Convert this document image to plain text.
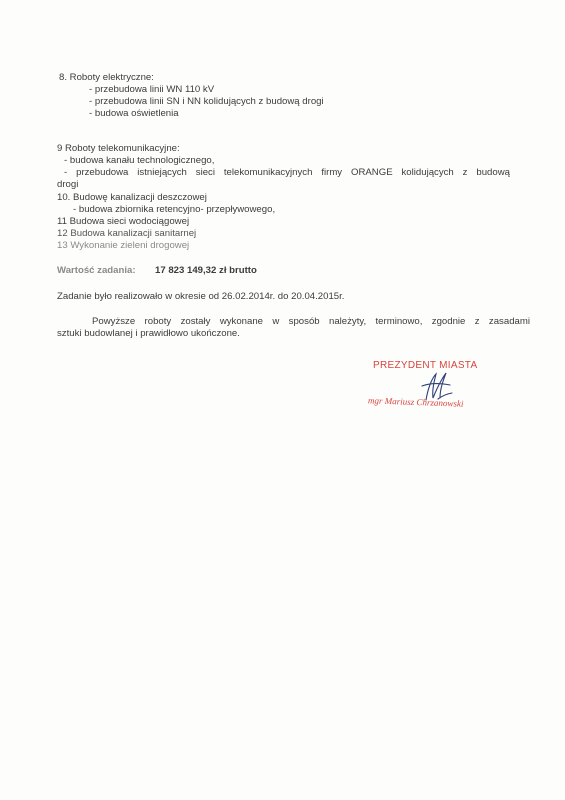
8. Roboty elektryczne:
- przebudowa linii WN 110 kV
- przebudowa linii SN i NN kolidujących z budową drogi
- budowa oświetlenia
9 Roboty telekomunikacyjne:
- budowa kanału technologicznego,
- przebudowa istniejących sieci telekomunikacyjnych firmy ORANGE kolidujących z budową
drogi
10. Budowę kanalizacji deszczowej
- budowa zbiornika retencyjno- przepływowego,
11 Budowa sieci wodociągowej
12 Budowa kanalizacji sanitarnej
13 Wykonanie zieleni drogowej
Wartość zadania: 17 823 149,32 zł brutto
Zadanie było realizowało w okresie od 26.02.2014r. do 20.04.2015r.
Powyższe roboty zostały wykonane w sposób należyty, terminowo, zgodnie z zasadami
sztuki budowlanej i prawidłowo ukończone.
PREZYDENT MIASTA
mgr Mariusz Chrzanowski
